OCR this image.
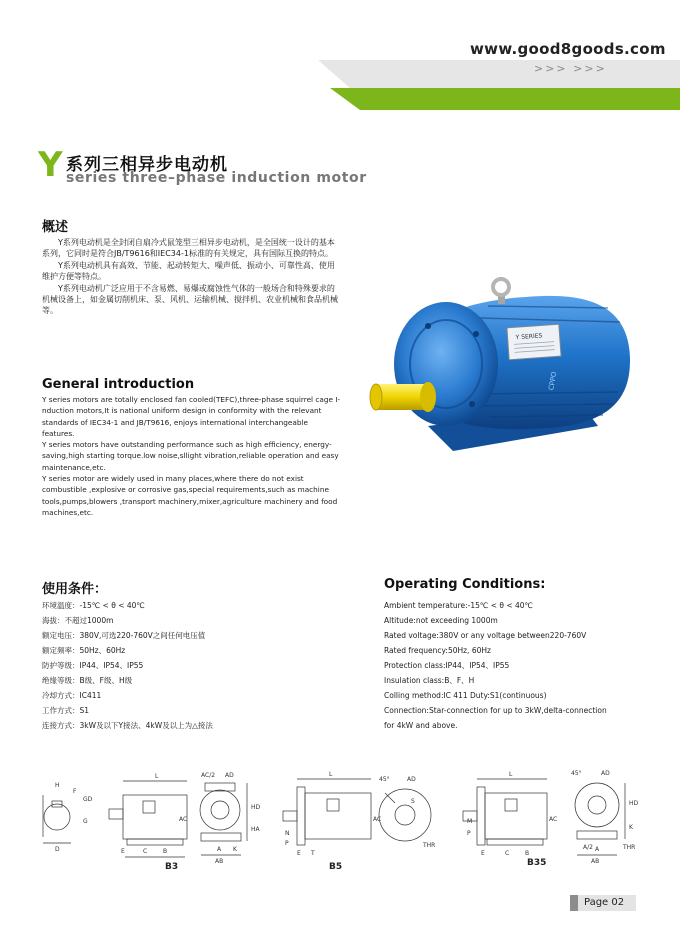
www.good8goods.com
>>> >>>
Y 系列三相异步电动机
series three–phase induction motor
概述

Y系列电动机是全封闭自扇冷式鼠笼型三相异步电动机，是全国统一设计的基本系列，它同时是符合JB/T9616和IEC34-1标准的有关规定，具有国际互换的特点。

Y系列电动机具有高效、节能、起动转矩大、噪声低、振动小、可靠性高、使用维护方便等特点。

Y系列电动机广泛应用于不含易燃、易爆或腐蚀性气体的一般场合和特殊要求的机械设备上，如金属切削机床、泵、风机、运输机械、搅拌机、农业机械和食品机械等。

General introduction

Y series motors are totally enclosed fan cooled(TEFC),three-phase squirrel cage I-nduction motors,It is national uniform design in conformity with the relevant standards of IEC34-1 and JB/T9616, enjoys international interchangeable features.

Y series motors have outstanding performance such as high efficiency, energy-saving,high starting torque.low noise,sllight vibration,reliable operation and easy maintenance,etc.

Y series motor are widely used in many places,where there do not exist combustible ,explosive or corrosive gas,special requirements,such as machine tools,pumps,blowers ,transport machinery,mixer,agriculture machinery and food machines,etc.

Y SERIES
CPPO
使用条件：
环境温度：-15℃ < θ < 40℃
海拔：不超过1000m
额定电压：380V,可选220-760V之间任何电压值
额定频率：50Hz、60Hz
防护等级：IP44、IP54、IP55
绝缘等级：B级、F级、H级
冷却方式：IC411
工作方式：S1
连接方式：3kW及以下Y接法、4kW及以上为△接法
Operating Conditions:
Ambient temperature:-15℃ < θ < 40℃
Altitude:not exceeding 1000m
Rated voltage:380V or any voltage between220-760V
Rated frequency:50Hz, 60Hz
Protection class:IP44、IP54、IP55
Insulation class:B、F、H
Colling method:IC 411 Duty:S1(continuous)
Connection:Star-connection for up to 3kW,delta-connection
for 4kW and above.
H
GD
G
D
F
L
AC
E	C	B
AC/2 AD
HD
HA
A
AB
K
B3
L
N
P
E T
AC
45°	AD
THR
S
B5
L
M
P
AC
E	C	B
45°	AD
HD
K
A/2 A
AB
THR
B35
Page 02
